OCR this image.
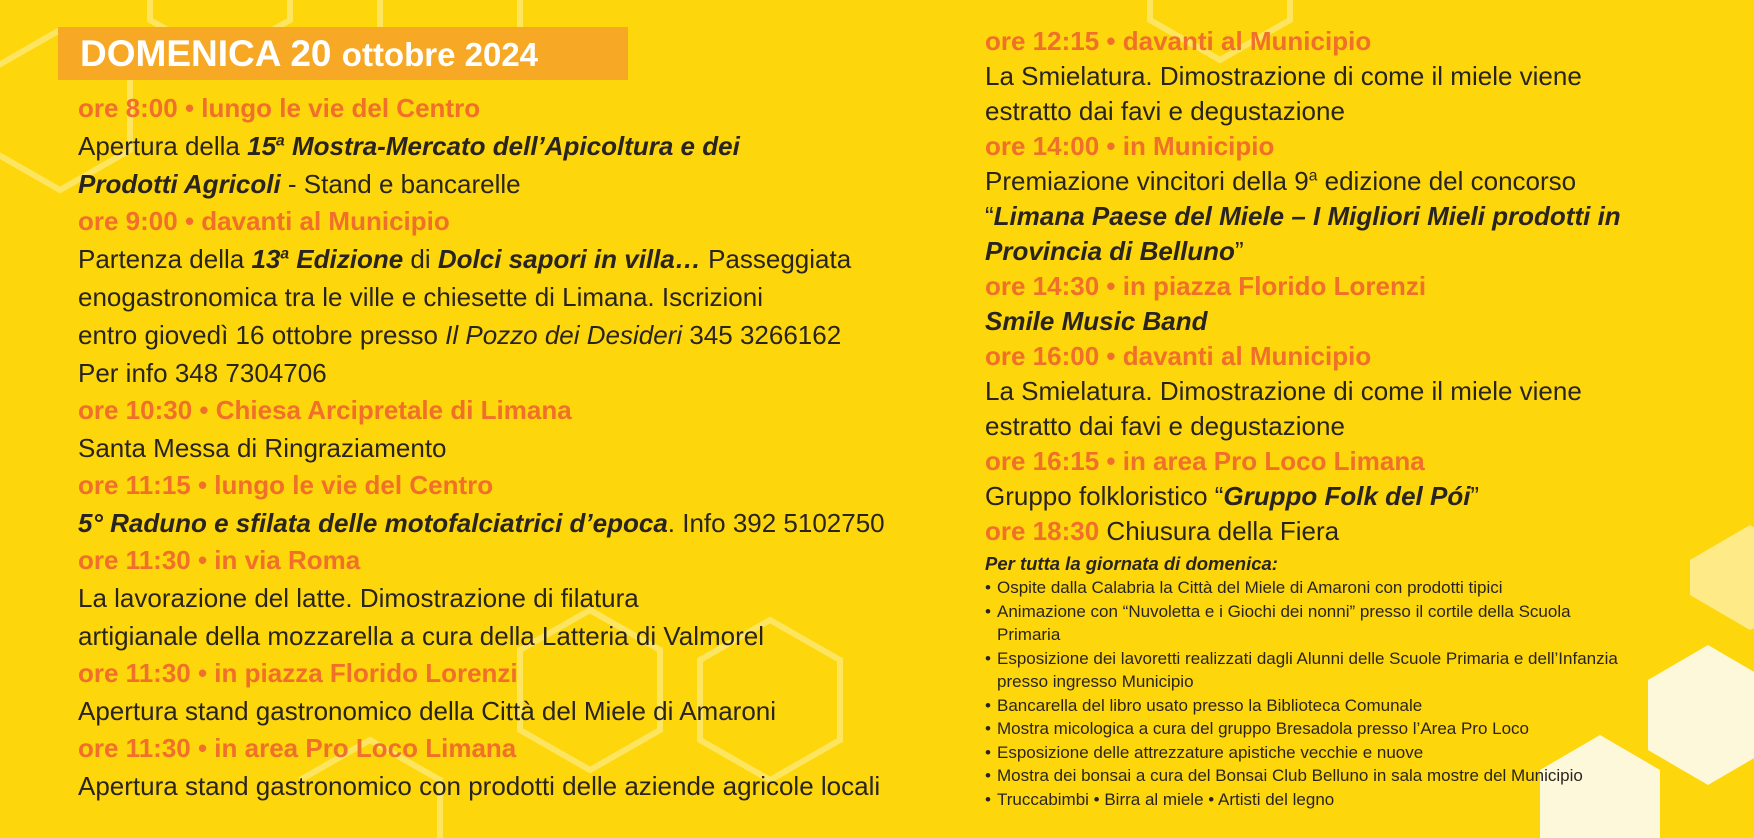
DOMENICA 20 ottobre 2024
ore 8:00 • lungo le vie del Centro
Apertura della 15$^a$ Mostra-Mercato dell’Apicoltura e dei
Prodotti Agricoli - Stand e bancarelle
ore 9:00 • davanti al Municipio
Partenza della 13$^a$ Edizione di Dolci sapori in villa… Passeggiata
enogastronomica tra le ville e chiesette di Limana. Iscrizioni
entro giovedì 16 ottobre presso Il Pozzo dei Desideri 345 3266162
Per info 348 7304706
ore 10:30 • Chiesa Arcipretale di Limana
Santa Messa di Ringraziamento
ore 11:15 • lungo le vie del Centro
5° Raduno e sfilata delle motofalciatrici d’epoca. Info 392 5102750
ore 11:30 • in via Roma
La lavorazione del latte. Dimostrazione di filatura
artigianale della mozzarella a cura della Latteria di Valmorel
ore 11:30 • in piazza Florido Lorenzi
Apertura stand gastronomico della Città del Miele di Amaroni
ore 11:30 • in area Pro Loco Limana
Apertura stand gastronomico con prodotti delle aziende agricole locali
ore 12:15 • davanti al Municipio
La Smielatura. Dimostrazione di come il miele viene
estratto dai favi e degustazione
ore 14:00 • in Municipio
Premiazione vincitori della 9$^a$ edizione del concorso
“Limana Paese del Miele – I Migliori Mieli prodotti in
Provincia di Belluno”
ore 14:30 • in piazza Florido Lorenzi
Smile Music Band
ore 16:00 • davanti al Municipio
La Smielatura. Dimostrazione di come il miele viene
estratto dai favi e degustazione
ore 16:15 • in area Pro Loco Limana
Gruppo folkloristico “Gruppo Folk del Pói”
ore 18:30 Chiusura della Fiera
Per tutta la giornata di domenica:
• Ospite dalla Calabria la Città del Miele di Amaroni con prodotti tipici
• Animazione con “Nuvoletta e i Giochi dei nonni” presso il cortile della Scuola
Primaria
• Esposizione dei lavoretti realizzati dagli Alunni delle Scuole Primaria e dell’Infanzia
presso ingresso Municipio
• Bancarella del libro usato presso la Biblioteca Comunale
• Mostra micologica a cura del gruppo Bresadola presso l’Area Pro Loco
• Esposizione delle attrezzature apistiche vecchie e nuove
• Mostra dei bonsai a cura del Bonsai Club Belluno in sala mostre del Municipio
• Truccabimbi • Birra al miele • Artisti del legno
